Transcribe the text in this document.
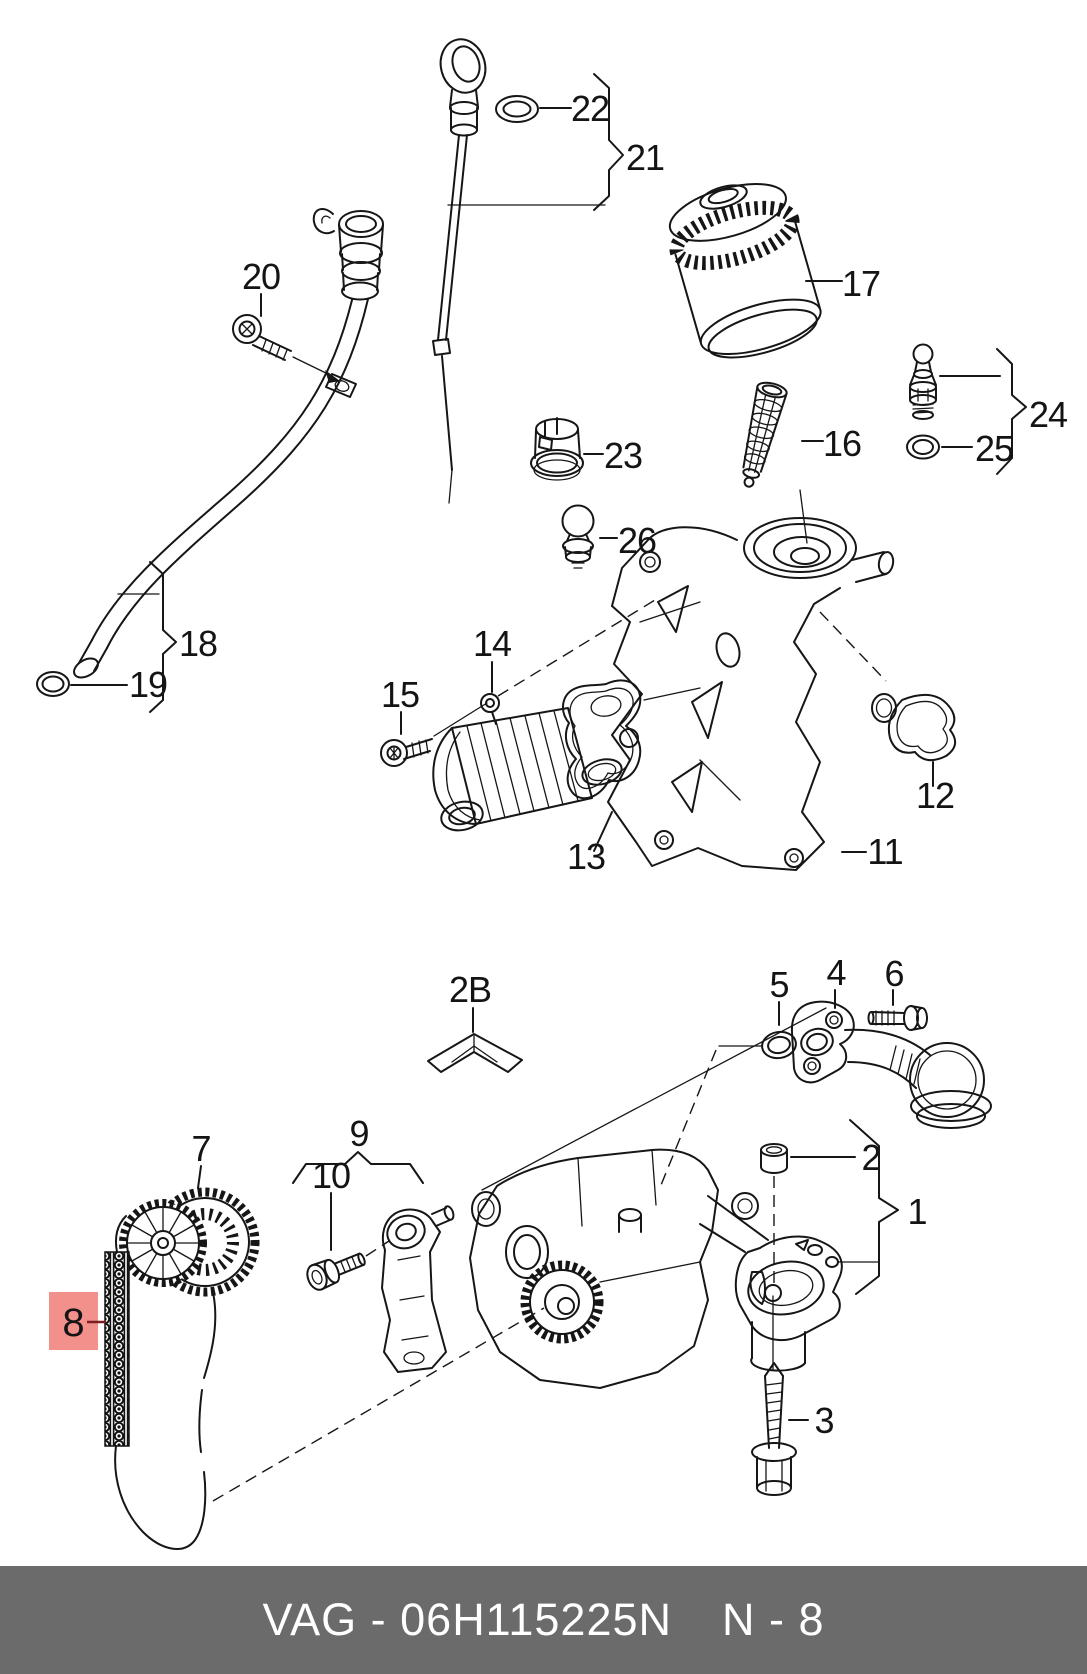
22
21
17
24
25
16
23
26
20
19
18	14
15
13	11
12
2B	4
5	6
2
3
1
9
10
7
8
VAG - 06H115225N N - 8
